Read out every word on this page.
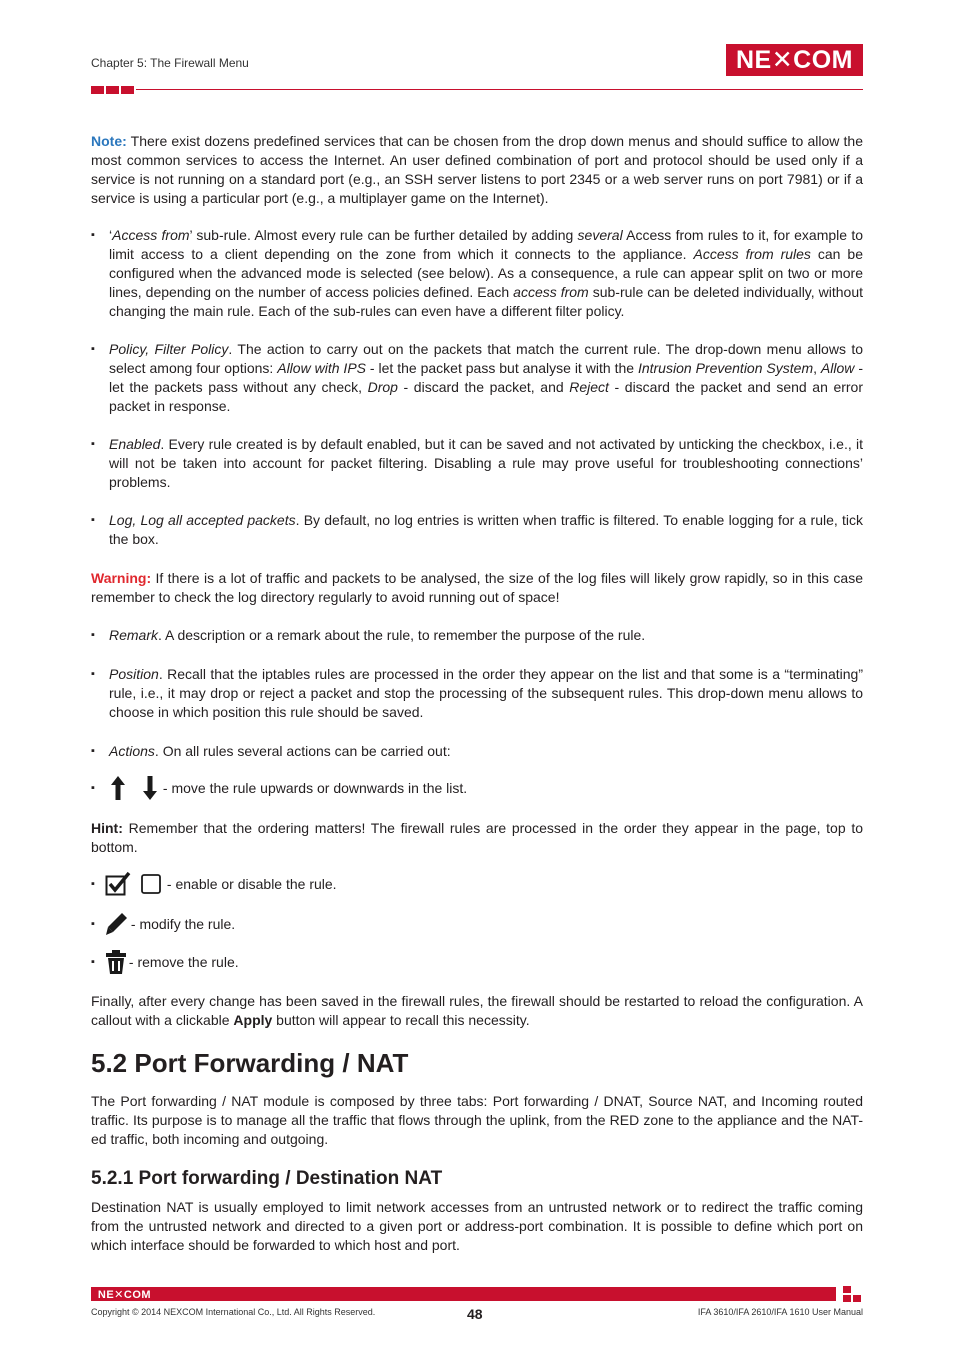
Chapter 5: The Firewall Menu	NE✕COM

Note: There exist dozens predefined services that can be chosen from the drop down menus and should suffice to allow the most common services to access the Internet. An user defined combination of port and protocol should be used only if a service is not running on a standard port (e.g., an SSH server listens to port 2345 or a web server runs on port 7981) or if a service is using a particular port (e.g., a multiplayer game on the Internet).

▪ ‘Access from’ sub-rule. Almost every rule can be further detailed by adding several Access from rules to it, for example to limit access to a client depending on the zone from which it connects to the appliance. Access from rules can be configured when the advanced mode is selected (see below). As a consequence, a rule can appear split on two or more lines, depending on the number of access policies defined. Each access from sub-rule can be deleted individually, without changing the main rule. Each of the sub-rules can even have a different filter policy.

▪ Policy, Filter Policy. The action to carry out on the packets that match the current rule. The drop-down menu allows to select among four options: Allow with IPS - let the packet pass but analyse it with the Intrusion Prevention System, Allow - let the packets pass without any check, Drop - discard the packet, and Reject - discard the packet and send an error packet in response.

▪ Enabled. Every rule created is by default enabled, but it can be saved and not activated by unticking the checkbox, i.e., it will not be taken into account for packet filtering. Disabling a rule may prove useful for troubleshooting connections’ problems.

▪ Log, Log all accepted packets. By default, no log entries is written when traffic is filtered. To enable logging for a rule, tick the box.

Warning: If there is a lot of traffic and packets to be analysed, the size of the log files will likely grow rapidly, so in this case remember to check the log directory regularly to avoid running out of space!

▪ Remark. A description or a remark about the rule, to remember the purpose of the rule.

▪ Position. Recall that the iptables rules are processed in the order they appear on the list and that some is a “terminating” rule, i.e., it may drop or reject a packet and stop the processing of the subsequent rules. This drop-down menu allows to choose in which position this rule should be saved.

▪ Actions. On all rules several actions can be carried out:

▪	- move the rule upwards or downwards in the list.

Hint: Remember that the ordering matters! The firewall rules are processed in the order they appear in the page, top to bottom.

▪	- enable or disable the rule.
▪	- modify the rule.
▪ - remove the rule.

Finally, after every change has been saved in the firewall rules, the firewall should be restarted to reload the configuration. A callout with a clickable Apply button will appear to recall this necessity.

5.2 Port Forwarding / NAT

The Port forwarding / NAT module is composed by three tabs: Port forwarding / DNAT, Source NAT, and Incoming routed traffic. Its purpose is to manage all the traffic that flows through the uplink, from the RED zone to the appliance and the NAT-ed traffic, both incoming and outgoing.

5.2.1 Port forwarding / Destination NAT

Destination NAT is usually employed to limit network accesses from an untrusted network or to redirect the traffic coming from the untrusted network and directed to a given port or address-port combination. It is possible to define which port on which interface should be forwarded to which host and port.

NE✕COM
Copyright © 2014 NEXCOM International Co., Ltd. All Rights Reserved.	48	IFA 3610/IFA 2610/IFA 1610 User Manual
